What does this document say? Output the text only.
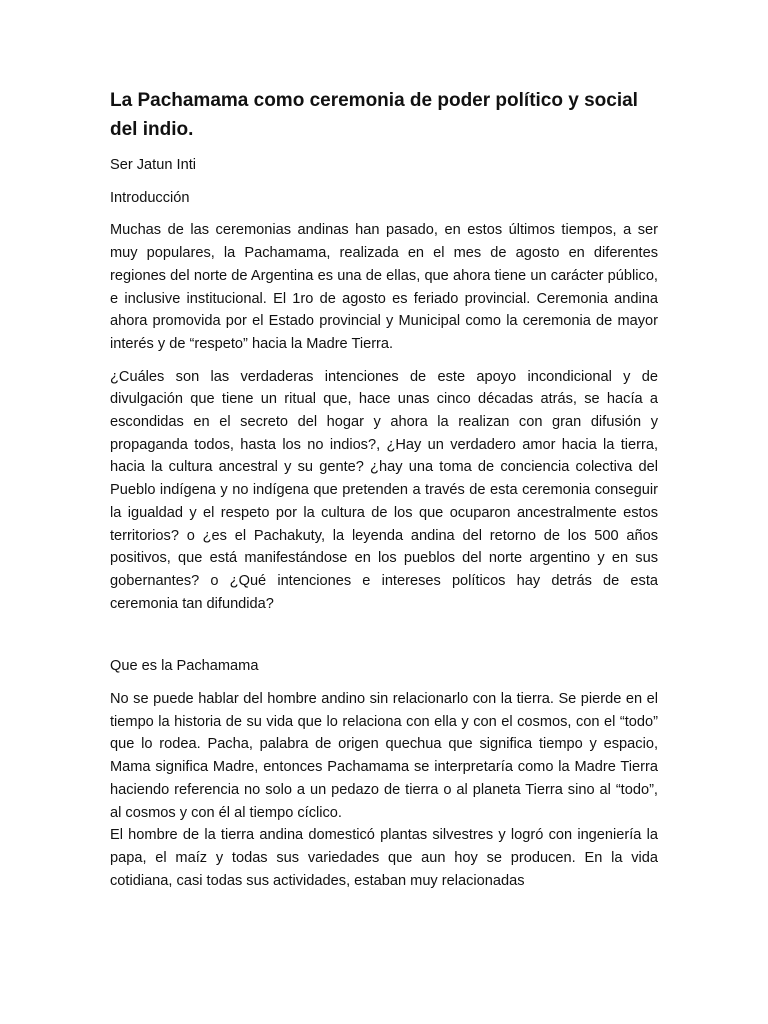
La Pachamama como ceremonia de poder político y social del indio.
Ser Jatun Inti
Introducción

Muchas de las ceremonias andinas han pasado, en estos últimos tiempos, a ser muy populares, la Pachamama, realizada en el mes de agosto en diferentes regiones del norte de Argentina es una de ellas, que ahora tiene un carácter público, e inclusive institucional. El 1ro de agosto es feriado provincial. Ceremonia andina ahora promovida por el Estado provincial y Municipal como la ceremonia de mayor interés y de “respeto” hacia la Madre Tierra.

¿Cuáles son las verdaderas intenciones de este apoyo incondicional y de divulgación que tiene un ritual que, hace unas cinco décadas atrás, se hacía a escondidas en el secreto del hogar y ahora la realizan con gran difusión y propaganda todos, hasta los no indios?, ¿Hay un verdadero amor hacia la tierra, hacia la cultura ancestral y su gente? ¿hay una toma de conciencia colectiva del Pueblo indígena y no indígena que pretenden a través de esta ceremonia conseguir la igualdad y el respeto por la cultura de los que ocuparon ancestralmente estos territorios? o ¿es el Pachakuty, la leyenda andina del retorno de los 500 años positivos, que está manifestándose en los pueblos del norte argentino y en sus gobernantes? o ¿Qué intenciones e intereses políticos hay detrás de esta ceremonia tan difundida?

Que es la Pachamama

No se puede hablar del hombre andino sin relacionarlo con la tierra. Se pierde en el tiempo la historia de su vida que lo relaciona con ella y con el cosmos, con el “todo” que lo rodea. Pacha, palabra de origen quechua que significa tiempo y espacio, Mama significa Madre, entonces Pachamama se interpretaría como la Madre Tierra haciendo referencia no solo a un pedazo de tierra o al planeta Tierra sino al “todo”, al cosmos y con él al tiempo cíclico.

El hombre de la tierra andina domesticó plantas silvestres y logró con ingeniería la papa, el maíz y todas sus variedades que aun hoy se producen. En la vida cotidiana, casi todas sus actividades, estaban muy relacionadas
